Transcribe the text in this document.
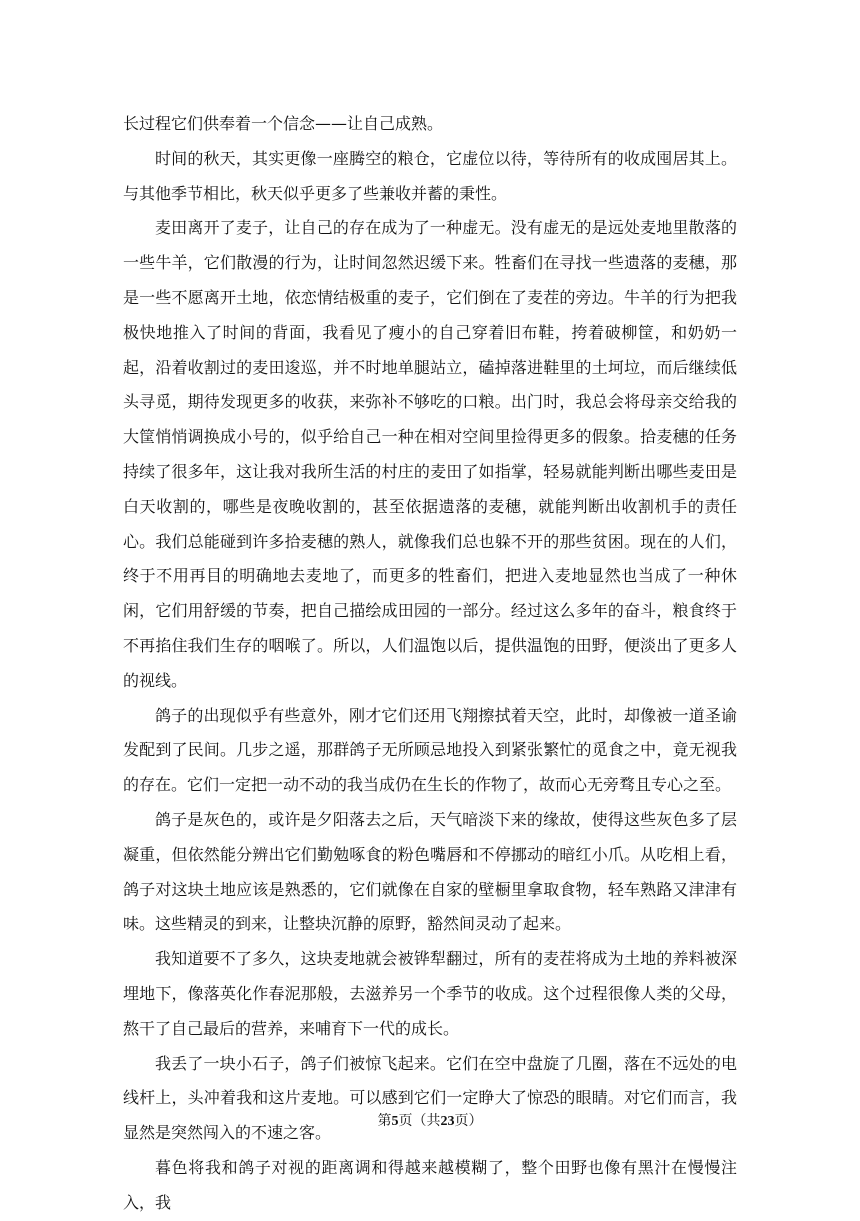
长过程它们供奉着一个信念——让自己成熟。

时间的秋天，其实更像一座腾空的粮仓，它虚位以待，等待所有的收成囤居其上。与其他季节相比，秋天似乎更多了些兼收并蓄的秉性。

麦田离开了麦子，让自己的存在成为了一种虚无。没有虚无的是远处麦地里散落的一些牛羊，它们散漫的行为，让时间忽然迟缓下来。牲畜们在寻找一些遗落的麦穗，那是一些不愿离开土地，依恋情结极重的麦子，它们倒在了麦茬的旁边。牛羊的行为把我极快地推入了时间的背面，我看见了瘦小的自己穿着旧布鞋，挎着破柳筐，和奶奶一起，沿着收割过的麦田逡巡，并不时地单腿站立，磕掉落进鞋里的土坷垃，而后继续低头寻觅，期待发现更多的收获，来弥补不够吃的口粮。出门时，我总会将母亲交给我的大筐悄悄调换成小号的，似乎给自己一种在相对空间里捡得更多的假象。拾麦穗的任务持续了很多年，这让我对我所生活的村庄的麦田了如指掌，轻易就能判断出哪些麦田是白天收割的，哪些是夜晚收割的，甚至依据遗落的麦穗，就能判断出收割机手的责任心。我们总能碰到许多拾麦穗的熟人，就像我们总也躲不开的那些贫困。现在的人们，终于不用再目的明确地去麦地了，而更多的牲畜们，把进入麦地显然也当成了一种休闲，它们用舒缓的节奏，把自己描绘成田园的一部分。经过这么多年的奋斗，粮食终于不再掐住我们生存的咽喉了。所以，人们温饱以后，提供温饱的田野，便淡出了更多人的视线。

鸽子的出现似乎有些意外，刚才它们还用飞翔擦拭着天空，此时，却像被一道圣谕发配到了民间。几步之遥，那群鸽子无所顾忌地投入到紧张繁忙的觅食之中，竟无视我的存在。它们一定把一动不动的我当成仍在生长的作物了，故而心无旁骛且专心之至。

鸽子是灰色的，或许是夕阳落去之后，天气暗淡下来的缘故，使得这些灰色多了层凝重，但依然能分辨出它们勤勉啄食的粉色嘴唇和不停挪动的暗红小爪。从吃相上看，鸽子对这块土地应该是熟悉的，它们就像在自家的壁橱里拿取食物，轻车熟路又津津有味。这些精灵的到来，让整块沉静的原野，豁然间灵动了起来。

我知道要不了多久，这块麦地就会被铧犁翻过，所有的麦茬将成为土地的养料被深埋地下，像落英化作春泥那般，去滋养另一个季节的收成。这个过程很像人类的父母，熬干了自己最后的营养，来哺育下一代的成长。

我丢了一块小石子，鸽子们被惊飞起来。它们在空中盘旋了几圈，落在不远处的电线杆上，头冲着我和这片麦地。可以感到它们一定睁大了惊恐的眼睛。对它们而言，我显然是突然闯入的不速之客。

暮色将我和鸽子对视的距离调和得越来越模糊了，整个田野也像有黑汁在慢慢注入，我

第5页（共23页）
